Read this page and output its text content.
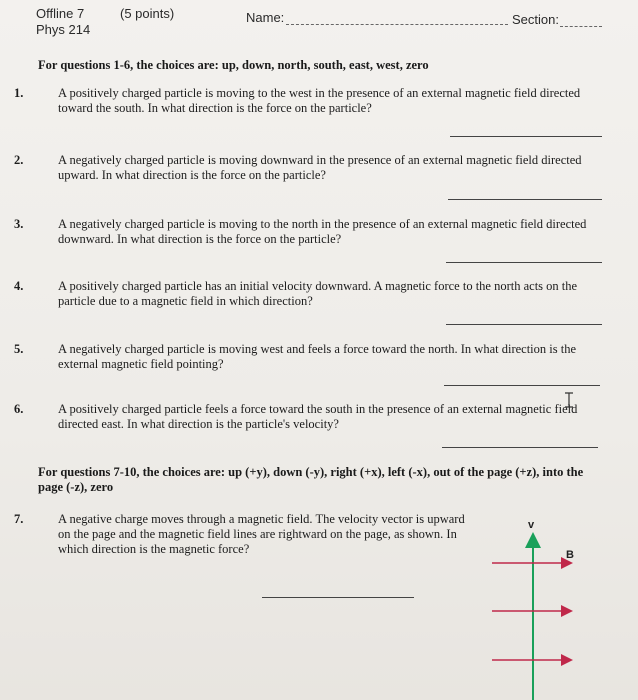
Offline 7	(5 points)
Phys 214
Name:	Section:
For questions 1-6, the choices are: up, down, north, south, east, west, zero
1.	A positively charged particle is moving to the west in the presence of an external magnetic field directed toward the south. In what direction is the force on the particle?
2.	A negatively charged particle is moving downward in the presence of an external magnetic field directed upward. In what direction is the force on the particle?
3.	A negatively charged particle is moving to the north in the presence of an external magnetic field directed downward. In what direction is the force on the particle?
4.	A positively charged particle has an initial velocity downward. A magnetic force to the north acts on the particle due to a magnetic field in which direction?
5.	A negatively charged particle is moving west and feels a force toward the north. In what direction is the external magnetic field pointing?
6.	A positively charged particle feels a force toward the south in the presence of an external magnetic field directed east. In what direction is the particle's velocity?
For questions 7-10, the choices are: up (+y), down (-y), right (+x), left (-x), out of the page (+z), into the page (-z), zero
7.	A negative charge moves through a magnetic field. The velocity vector is upward on the page and the magnetic field lines are rightward on the page, as shown. In which direction is the magnetic force?
v
B
